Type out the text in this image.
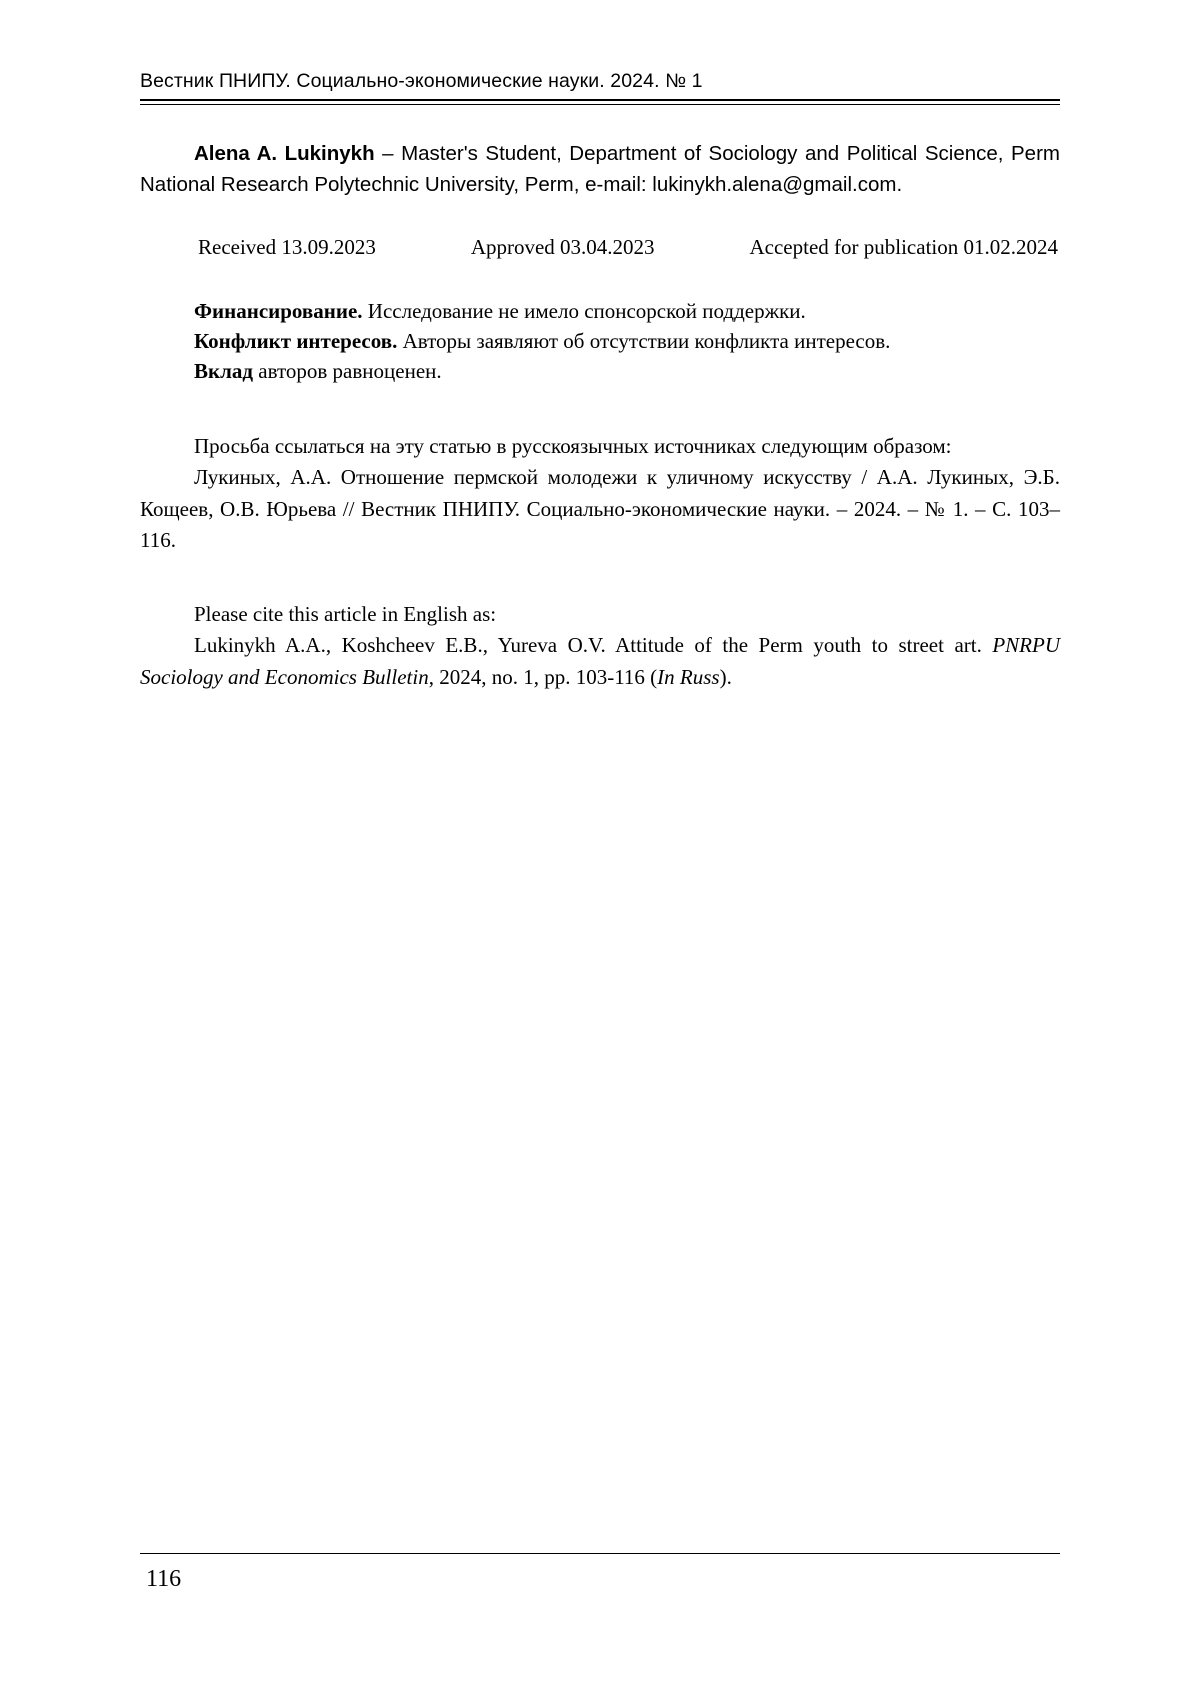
Вестник ПНИПУ. Социально-экономические науки. 2024. № 1
Alena A. Lukinykh – Master's Student, Department of Sociology and Political Science, Perm National Research Polytechnic University, Perm, e-mail: lukinykh.alena@gmail.com.
Received 13.09.2023	Approved 03.04.2023	Accepted for publication 01.02.2024
Финансирование. Исследование не имело спонсорской поддержки.
Конфликт интересов. Авторы заявляют об отсутствии конфликта интересов.
Вклад авторов равноценен.
Просьба ссылаться на эту статью в русскоязычных источниках следующим образом:
Лукиных, А.А. Отношение пермской молодежи к уличному искусству / А.А. Лукиных, Э.Б. Кощеев, О.В. Юрьева // Вестник ПНИПУ. Социально-экономические науки. – 2024. – № 1. – С. 103–116.
Please cite this article in English as:
Lukinykh A.A., Koshcheev E.B., Yureva O.V. Attitude of the Perm youth to street art. PNRPU Sociology and Economics Bulletin, 2024, no. 1, pp. 103-116 (In Russ).
116
